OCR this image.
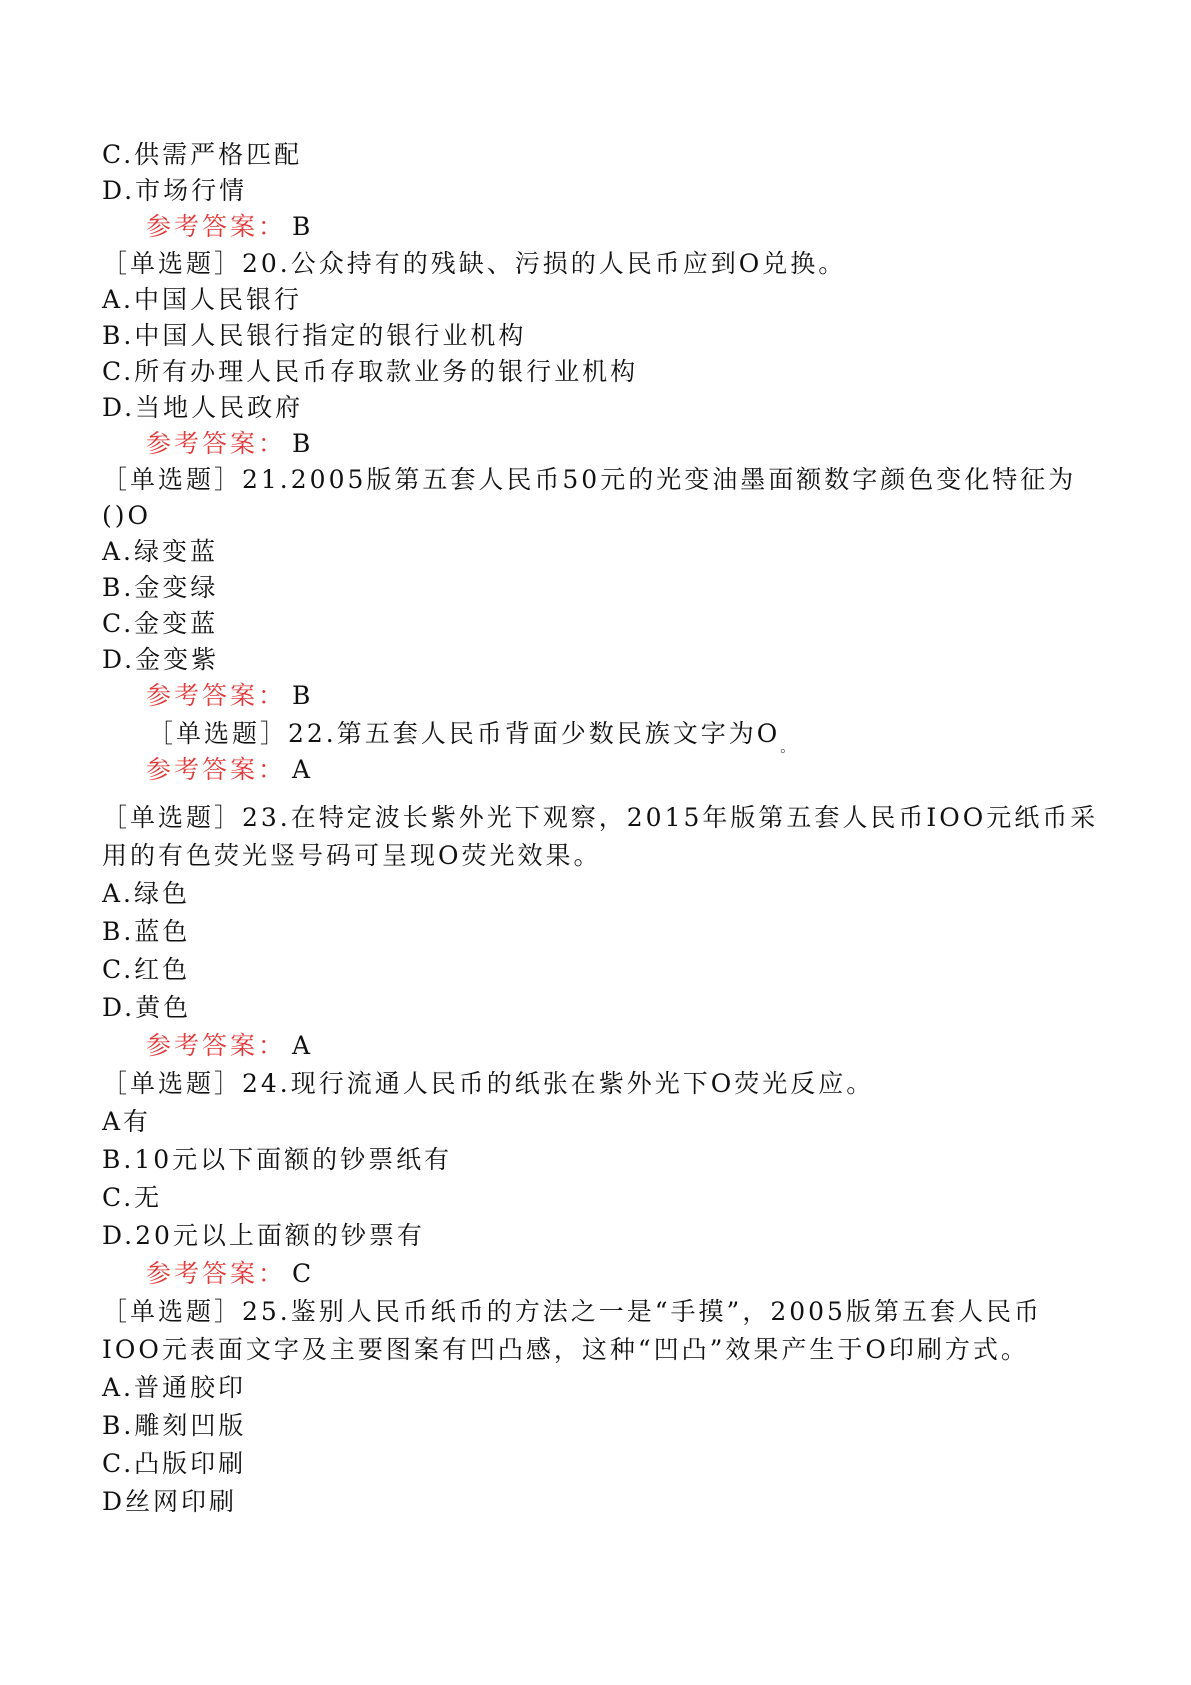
C.供需严格匹配
D.市场行情
参考答案： B
［单选题］20.公众持有的残缺、污损的人民币应到O兑换。
A.中国人民银行
B.中国人民银行指定的银行业机构
C.所有办理人民币存取款业务的银行业机构
D.当地人民政府
参考答案： B
［单选题］21.2005版第五套人民币50元的光变油墨面额数字颜色变化特征为
()O
A.绿变蓝
B.金变绿
C.金变蓝
D.金变紫
参考答案： B
［单选题］22.第五套人民币背面少数民族文字为$O_。$
参考答案： A
［单选题］23.在特定波长紫外光下观察，2015年版第五套人民币IOO元纸币采
用的有色荧光竖号码可呈现O荧光效果。
A.绿色
B.蓝色
C.红色
D.黄色
参考答案： A
［单选题］24.现行流通人民币的纸张在紫外光下O荧光反应。
A有
B.10元以下面额的钞票纸有
C.无
D.20元以上面额的钞票有
参考答案： C
［单选题］25.鉴别人民币纸币的方法之一是“手摸”，2005版第五套人民币
IOO元表面文字及主要图案有凹凸感，这种“凹凸”效果产生于O印刷方式。
A.普通胶印
B.雕刻凹版
C.凸版印刷
D丝网印刷
